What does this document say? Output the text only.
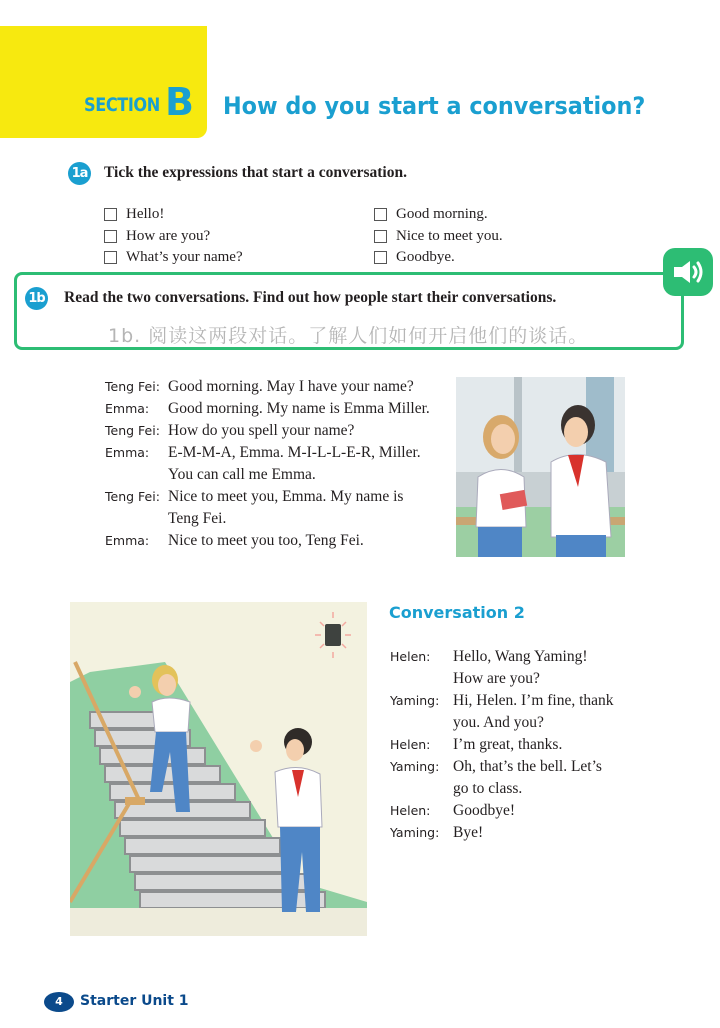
SECTION B How do you start a conversation?
1a Tick the expressions that start a conversation.
Hello!
How are you?
What’s your name?
Good morning.
Nice to meet you.
Goodbye.
1b Read the two conversations. Find out how people start their conversations.
1b. 阅读这两段对话。了解人们如何开启他们的谈话。
Teng Fei: Good morning. May I have your name?
Emma:	Good morning. My name is Emma Miller.
Teng Fei: How do you spell your name?
Emma:	E-M-M-A, Emma. M-I-L-L-E-R, Miller.
You can call me Emma.
Teng Fei: Nice to meet you, Emma. My name is
Teng Fei.
Emma:	Nice to meet you too, Teng Fei.
Conversation 2
Helen:	Hello, Wang Yaming!
How are you?
Yaming: Hi, Helen. I’m fine, thank
you. And you?
Helen:	I’m great, thanks.
Yaming: Oh, that’s the bell. Let’s
go to class.
Helen:	Goodbye!
Yaming: Bye!
4	Starter Unit 1
